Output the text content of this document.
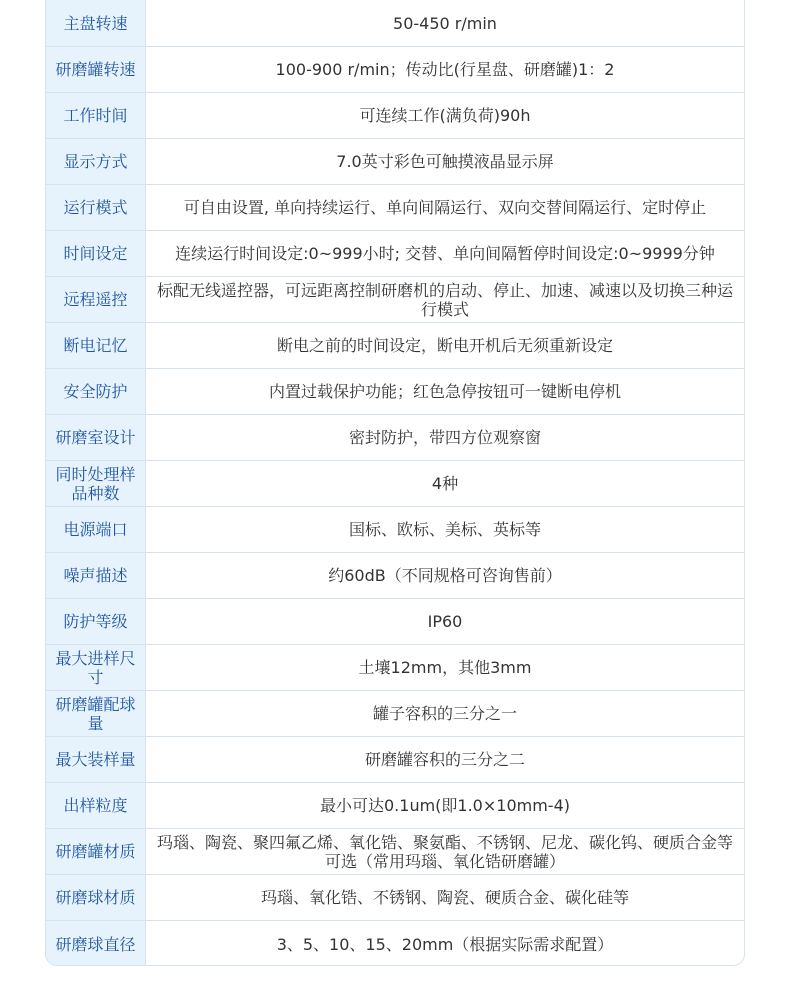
主盘转速	50-450 r/min
研磨罐转速	100-900 r/min；传动比(行星盘、研磨罐)1：2
工作时间	可连续工作(满负荷)90h
显示方式	7.0英寸彩色可触摸液晶显示屏
运行模式	可自由设置, 单向持续运行、单向间隔运行、双向交替间隔运行、定时停止
时间设定	连续运行时间设定:0~999小时; 交替、单向间隔暂停时间设定:0~9999分钟
远程遥控	标配无线遥控器，可远距离控制研磨机的启动、停止、加速、减速以及切换三种运行模式
断电记忆	断电之前的时间设定，断电开机后无须重新设定
安全防护	内置过载保护功能；红色急停按钮可一键断电停机
研磨室设计	密封防护，带四方位观察窗
同时处理样品种数	4种
电源端口	国标、欧标、美标、英标等
噪声描述	约60dB（不同规格可咨询售前）
防护等级	IP60
最大进样尺寸	土壤12mm，其他3mm
研磨罐配球量	罐子容积的三分之一
最大装样量	研磨罐容积的三分之二
出样粒度	最小可达0.1um(即1.0×10mm-4)
研磨罐材质	玛瑙、陶瓷、聚四氟乙烯、氧化锆、聚氨酯、不锈钢、尼龙、碳化钨、硬质合金等可选（常用玛瑙、氧化锆研磨罐）
研磨球材质	玛瑙、氧化锆、不锈钢、陶瓷、硬质合金、碳化硅等
研磨球直径	3、5、10、15、20mm（根据实际需求配置）
